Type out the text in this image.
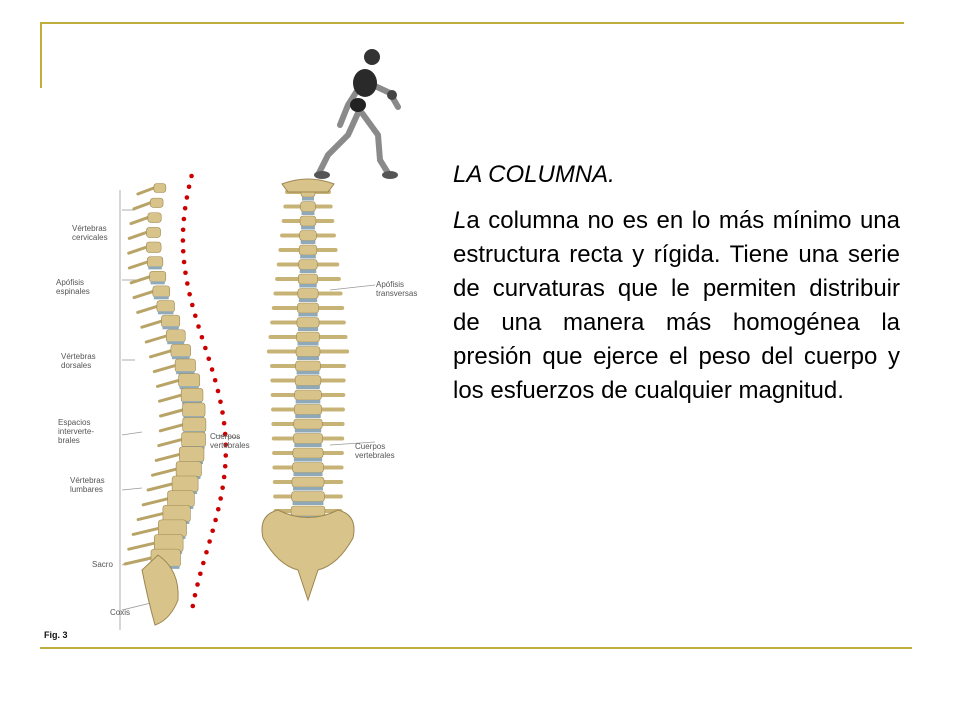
Vértebras
cervicales
Apófisis
espinales
Vértebras
dorsales
Espacios
interverte-
brales
Vértebras
lumbares
Sacro
Coxis
Cuerpos
vertebrales
Apófisis
transversas
Cuerpos
vertebrales
Fig. 3

LA COLUMNA.

La columna no es en lo más mínimo una estructura recta y rígida. Tiene una serie de curvaturas que le permiten distribuir de una manera más homogénea la presión que ejerce el peso del cuerpo y los esfuerzos de cualquier magnitud.
